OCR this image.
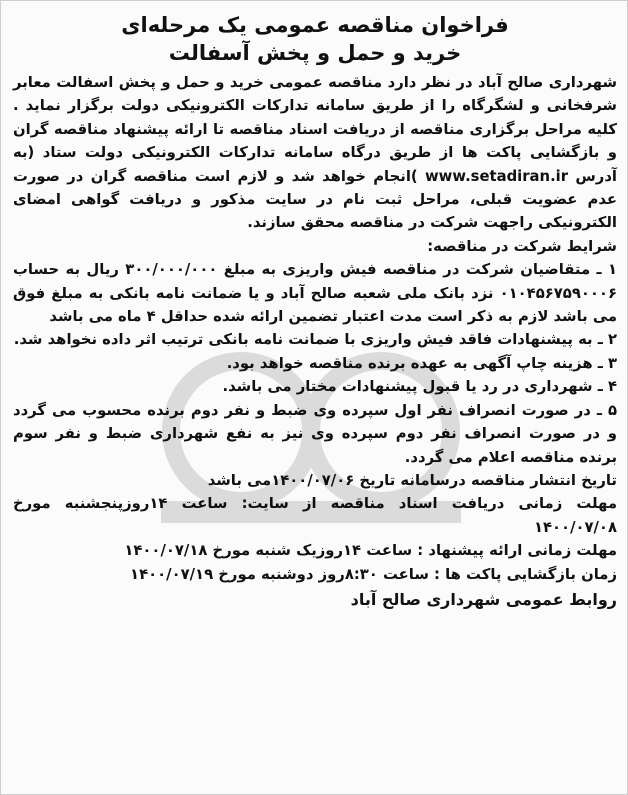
فراخوان مناقصه عمومی یک مرحله‌ای
خرید و حمل و پخش آسفالت

شهرداری صالح آباد در نظر دارد مناقصه عمومی خرید و حمل و پخش اسفالت معابر شرفخانی و لشگرگاه را از طریق سامانه تدارکات الکترونیکی دولت برگزار نماید . کلیه مراحل برگزاری مناقصه از دریافت اسناد مناقصه تا ارائه پیشنهاد مناقصه گران و بازگشایی پاکت ها از طریق درگاه سامانه تدارکات الکترونیکی دولت ستاد (به آدرس www.setadiran.ir )انجام خواهد شد و لازم است مناقصه گران در صورت عدم عضویت قبلی، مراحل ثبت نام در سایت مذکور و دریافت گواهی امضای الکترونیکی راجهت شرکت در مناقصه محقق سازند.

شرایط شرکت در مناقصه:

۱ ـ متقاضیان شرکت در مناقصه فیش واریزی به مبلغ ۳۰۰/۰۰۰/۰۰۰ ریال به حساب ۰۱۰۴۵۶۷۵۹۰۰۰۶ نزد بانک ملی شعبه صالح آباد و یا ضمانت نامه بانکی به مبلغ فوق می باشد لازم به ذکر است مدت اعتبار تضمین ارائه شده حداقل ۴ ماه می باشد

۲ ـ به پیشنهادات فاقد فیش واریزی با ضمانت نامه بانکی ترتیب اثر داده نخواهد شد.

۳ ـ هزینه چاپ آگهی به عهده برنده مناقصه خواهد بود.

۴ ـ شهرداری در رد یا قبول پیشنهادات مختار می باشد.

۵ ـ در صورت انصراف نفر اول سپرده وی ضبط و نفر دوم برنده محسوب می گردد و در صورت انصراف نفر دوم سپرده وی نیز به نفع شهرداری ضبط و نفر سوم برنده مناقصه اعلام می گردد.

تاریخ انتشار مناقصه درسامانه تاریخ ۱۴۰۰/۰۷/۰۶می باشد

مهلت زمانی دریافت اسناد مناقصه از سایت: ساعت ۱۴روزپنجشنبه مورخ ۱۴۰۰/۰۷/۰۸

مهلت زمانی ارائه پیشنهاد : ساعت ۱۴روزیک شنبه مورخ ۱۴۰۰/۰۷/۱۸

زمان بازگشایی پاکت ها : ساعت ۸:۳۰روز دوشنبه مورخ ۱۴۰۰/۰۷/۱۹

روابط عمومی شهرداری صالح آباد
